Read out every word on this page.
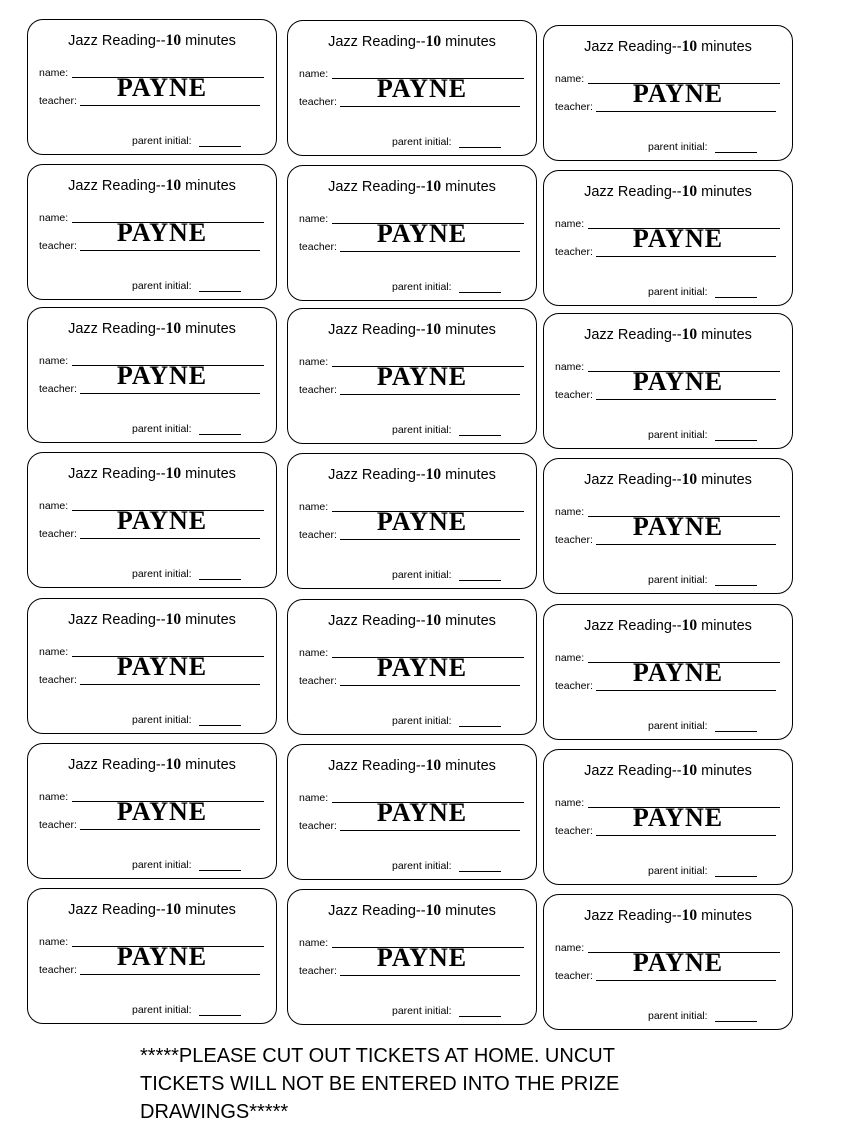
Jazz Reading--10 minutes
name:
teacher:	PAYNE
parent initial:
Jazz Reading--10 minutes
name:
teacher:	PAYNE
parent initial:
Jazz Reading--10 minutes
name:
teacher:	PAYNE
parent initial:
Jazz Reading--10 minutes
name:
teacher:	PAYNE
parent initial:
Jazz Reading--10 minutes
name:
teacher:	PAYNE
parent initial:
Jazz Reading--10 minutes
name:
teacher:	PAYNE
parent initial:
Jazz Reading--10 minutes
name:
teacher:	PAYNE
parent initial:
Jazz Reading--10 minutes
name:
teacher:	PAYNE
parent initial:
Jazz Reading--10 minutes
name:
teacher:	PAYNE
parent initial:
Jazz Reading--10 minutes
name:
teacher:	PAYNE
parent initial:
Jazz Reading--10 minutes
name:
teacher:	PAYNE
parent initial:
Jazz Reading--10 minutes
name:
teacher:	PAYNE
parent initial:
Jazz Reading--10 minutes
name:
teacher:	PAYNE
parent initial:
Jazz Reading--10 minutes
name:
teacher:	PAYNE
parent initial:
Jazz Reading--10 minutes
name:
teacher:	PAYNE
parent initial:
Jazz Reading--10 minutes
name:
teacher:	PAYNE
parent initial:
Jazz Reading--10 minutes
name:
teacher:	PAYNE
parent initial:
Jazz Reading--10 minutes
name:
teacher:	PAYNE
parent initial:
Jazz Reading--10 minutes
name:
teacher:	PAYNE
parent initial:
Jazz Reading--10 minutes
name:
teacher:	PAYNE
parent initial:
Jazz Reading--10 minutes
name:
teacher:	PAYNE
parent initial:
*****PLEASE CUT OUT TICKETS AT HOME. UNCUT
TICKETS WILL NOT BE ENTERED INTO THE PRIZE
DRAWINGS*****
